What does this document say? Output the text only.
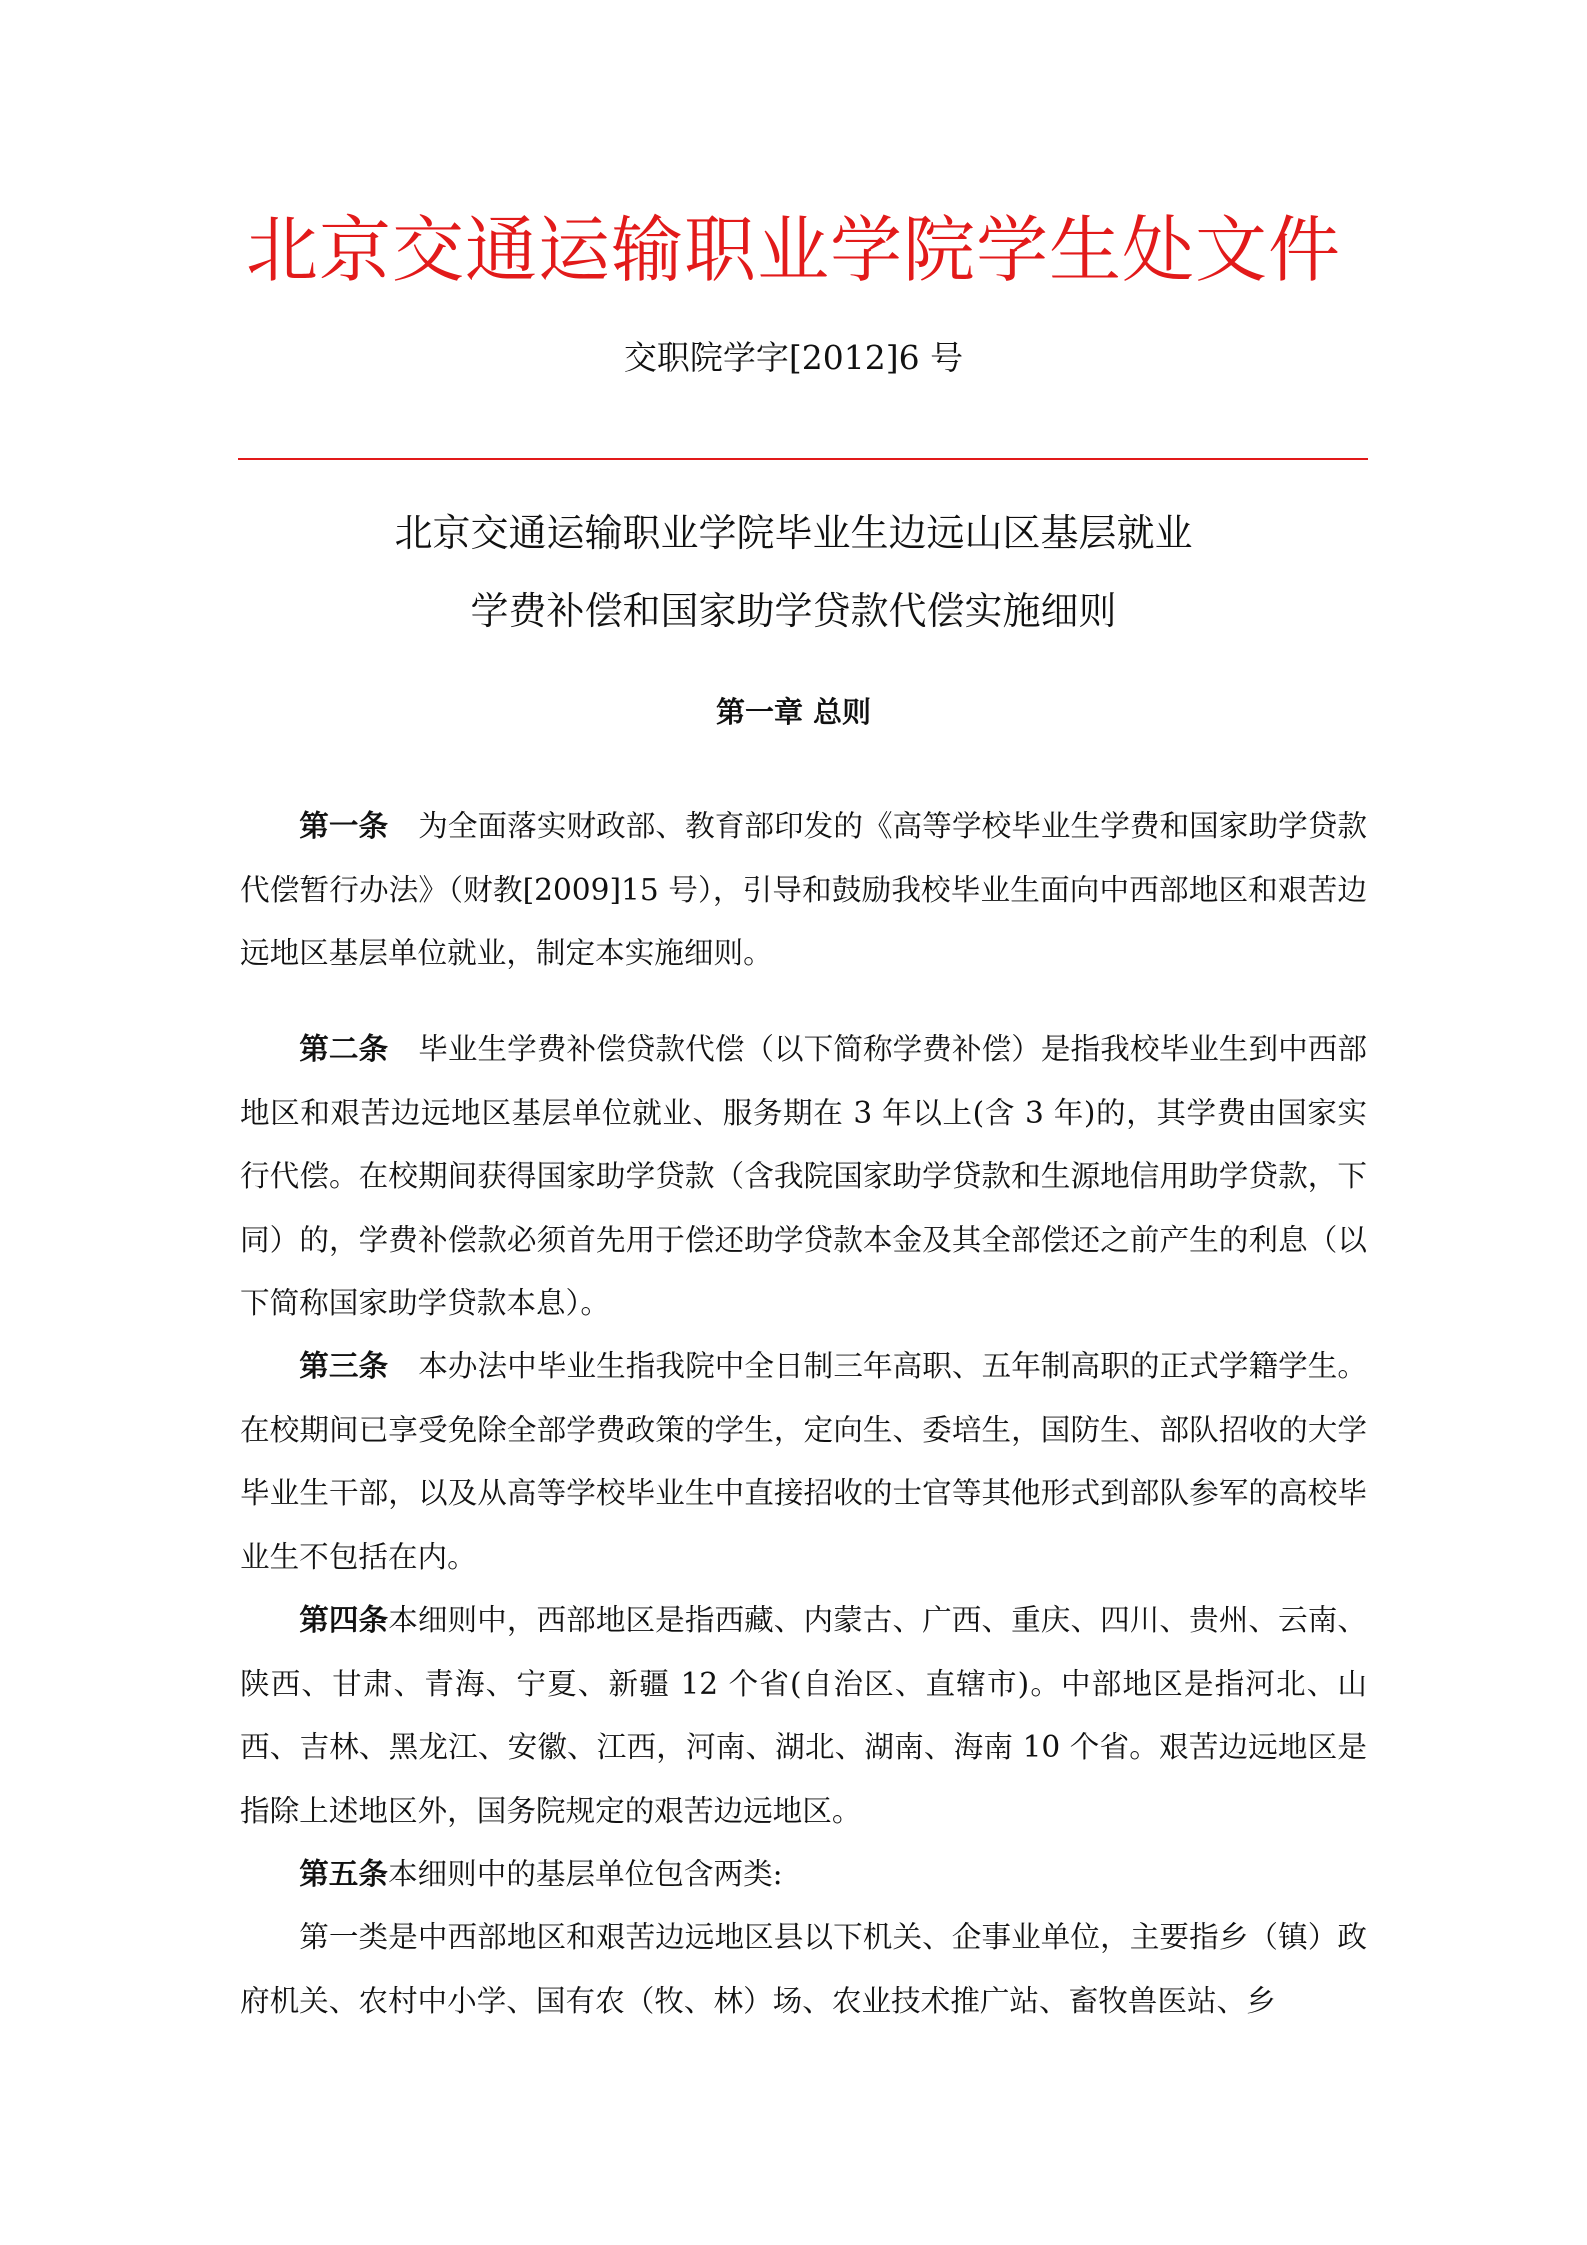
北京交通运输职业学院学生处文件
交职院学字[2012]6 号
北京交通运输职业学院毕业生边远山区基层就业
学费补偿和国家助学贷款代偿实施细则
第一章 总则

第一条 为全面落实财政部、教育部印发的《高等学校毕业生学费和国家助学贷款代偿暂行办法》（财教[2009]15 号），引导和鼓励我校毕业生面向中西部地区和艰苦边远地区基层单位就业，制定本实施细则。

第二条 毕业生学费补偿贷款代偿（以下简称学费补偿）是指我校毕业生到中西部地区和艰苦边远地区基层单位就业、服务期在 3 年以上(含 3 年)的，其学费由国家实行代偿。在校期间获得国家助学贷款（含我院国家助学贷款和生源地信用助学贷款，下同）的，学费补偿款必须首先用于偿还助学贷款本金及其全部偿还之前产生的利息（以下简称国家助学贷款本息）。

第三条 本办法中毕业生指我院中全日制三年高职、五年制高职的正式学籍学生。在校期间已享受免除全部学费政策的学生，定向生、委培生，国防生、部队招收的大学毕业生干部，以及从高等学校毕业生中直接招收的士官等其他形式到部队参军的高校毕业生不包括在内。

第四条本细则中，西部地区是指西藏、内蒙古、广西、重庆、四川、贵州、云南、陕西、甘肃、青海、宁夏、新疆 12 个省(自治区、直辖市)。中部地区是指河北、山西、吉林、黑龙江、安徽、江西，河南、湖北、湖南、海南 10 个省。艰苦边远地区是指除上述地区外，国务院规定的艰苦边远地区。

第五条本细则中的基层单位包含两类:

第一类是中西部地区和艰苦边远地区县以下机关、企事业单位，主要指乡（镇）政府机关、农村中小学、国有农（牧、林）场、农业技术推广站、畜牧兽医站、乡
